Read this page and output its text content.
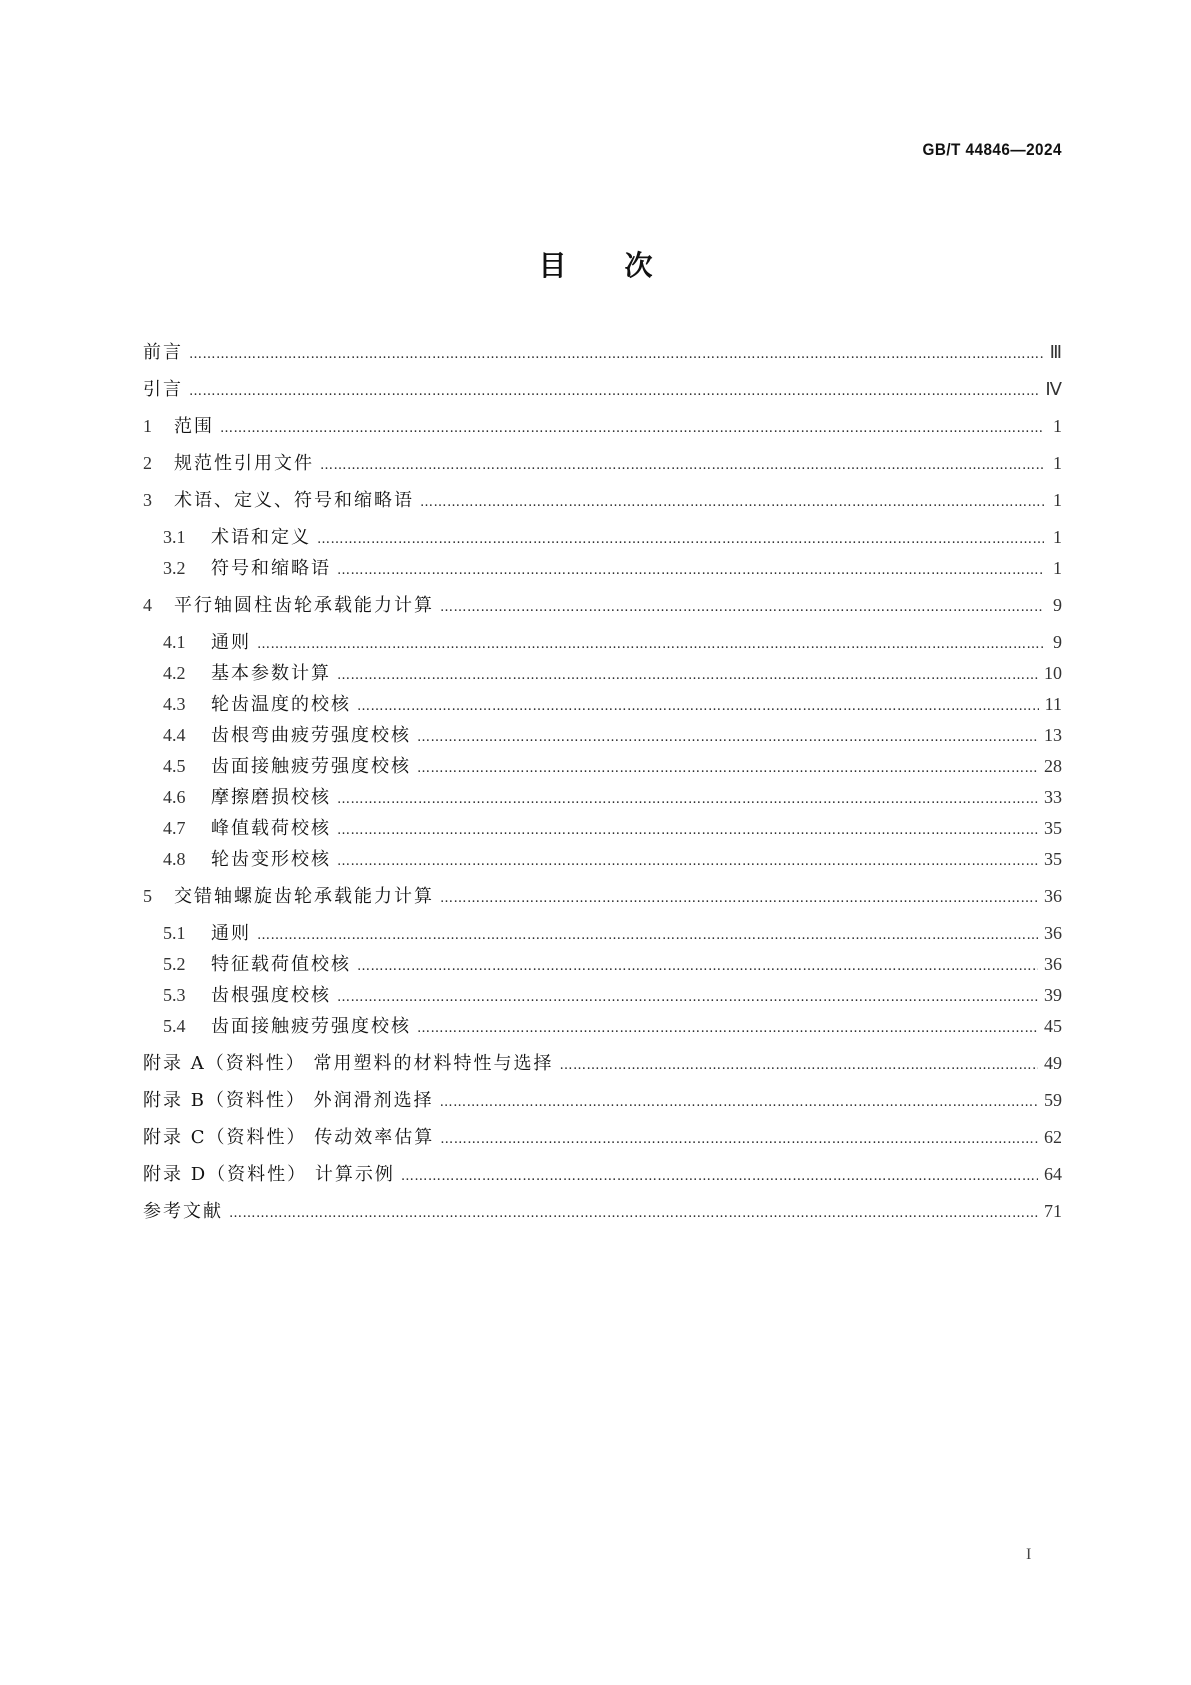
GB/T 44846—2024
目次
前言 …………………………………………………………………………………………………………………………………………………………………………………………………………………………………………………………	Ⅲ
引言 …………………………………………………………………………………………………………………………………………………………………………………………………………………………………………………………	Ⅳ
1	范围 …………………………………………………………………………………………………………………………………………………………………………………………………………………………………………………………	1
2	规范性引用文件 …………………………………………………………………………………………………………………………………………………………………………………………………………………………………………………………	1
3	术语、定义、符号和缩略语 …………………………………………………………………………………………………………………………………………………………………………………………………………………………………………………………	1
3.1	术语和定义 …………………………………………………………………………………………………………………………………………………………………………………………………………………………………………………………	1
3.2	符号和缩略语 …………………………………………………………………………………………………………………………………………………………………………………………………………………………………………………………	1
4	平行轴圆柱齿轮承载能力计算 …………………………………………………………………………………………………………………………………………………………………………………………………………………………………………………………	9
4.1	通则 …………………………………………………………………………………………………………………………………………………………………………………………………………………………………………………………	9
4.2	基本参数计算 …………………………………………………………………………………………………………………………………………………………………………………………………………………………………………………………	10
4.3	轮齿温度的校核 …………………………………………………………………………………………………………………………………………………………………………………………………………………………………………………………	11
4.4	齿根弯曲疲劳强度校核 …………………………………………………………………………………………………………………………………………………………………………………………………………………………………………………………	13
4.5	齿面接触疲劳强度校核 …………………………………………………………………………………………………………………………………………………………………………………………………………………………………………………………	28
4.6	摩擦磨损校核 …………………………………………………………………………………………………………………………………………………………………………………………………………………………………………………………	33
4.7	峰值载荷校核 …………………………………………………………………………………………………………………………………………………………………………………………………………………………………………………………	35
4.8	轮齿变形校核 …………………………………………………………………………………………………………………………………………………………………………………………………………………………………………………………	35
5	交错轴螺旋齿轮承载能力计算 …………………………………………………………………………………………………………………………………………………………………………………………………………………………………………………………	36
5.1	通则 …………………………………………………………………………………………………………………………………………………………………………………………………………………………………………………………	36
5.2	特征载荷值校核 …………………………………………………………………………………………………………………………………………………………………………………………………………………………………………………………	36
5.3	齿根强度校核 …………………………………………………………………………………………………………………………………………………………………………………………………………………………………………………………	39
5.4	齿面接触疲劳强度校核 …………………………………………………………………………………………………………………………………………………………………………………………………………………………………………………………	45
附录 A（资料性） 常用塑料的材料特性与选择 …………………………………………………………………………………………………………………………………………………………………………………………………………………………………………………………	49
附录 B（资料性） 外润滑剂选择 …………………………………………………………………………………………………………………………………………………………………………………………………………………………………………………………	59
附录 C（资料性） 传动效率估算 …………………………………………………………………………………………………………………………………………………………………………………………………………………………………………………………	62
附录 D（资料性） 计算示例 …………………………………………………………………………………………………………………………………………………………………………………………………………………………………………………………	64
参考文献 …………………………………………………………………………………………………………………………………………………………………………………………………………………………………………………………	71
I
